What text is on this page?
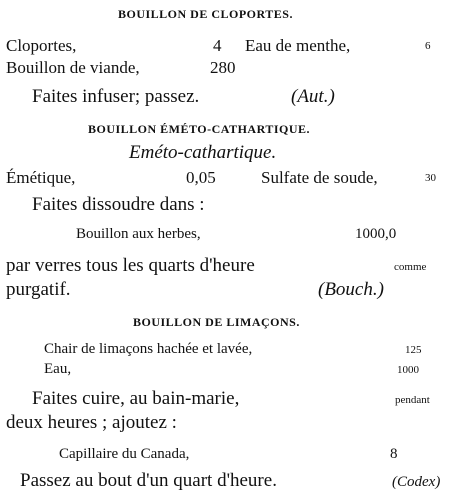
BOUILLON DE CLOPORTES.
Cloportes,	4 Eau de menthe,	6
Bouillon de viande,	280
Faites infuser; passez.	(Aut.)
BOUILLON ÉMÉTO-CATHARTIQUE.
Eméto-cathartique.
Émétique,	0,05	Sulfate de soude,	30
Faites dissoudre dans :
Bouillon aux herbes,	1000,0
par verres tous les quarts d'heure	comme
purgatif.	(Bouch.)
BOUILLON DE LIMAÇONS.
Chair de limaçons hachée et lavée,	125
Eau,	1000
Faites cuire, au bain-marie,	pendant
deux heures ; ajoutez :
Capillaire du Canada,	8
Passez au bout d'un quart d'heure.	(Codex)
